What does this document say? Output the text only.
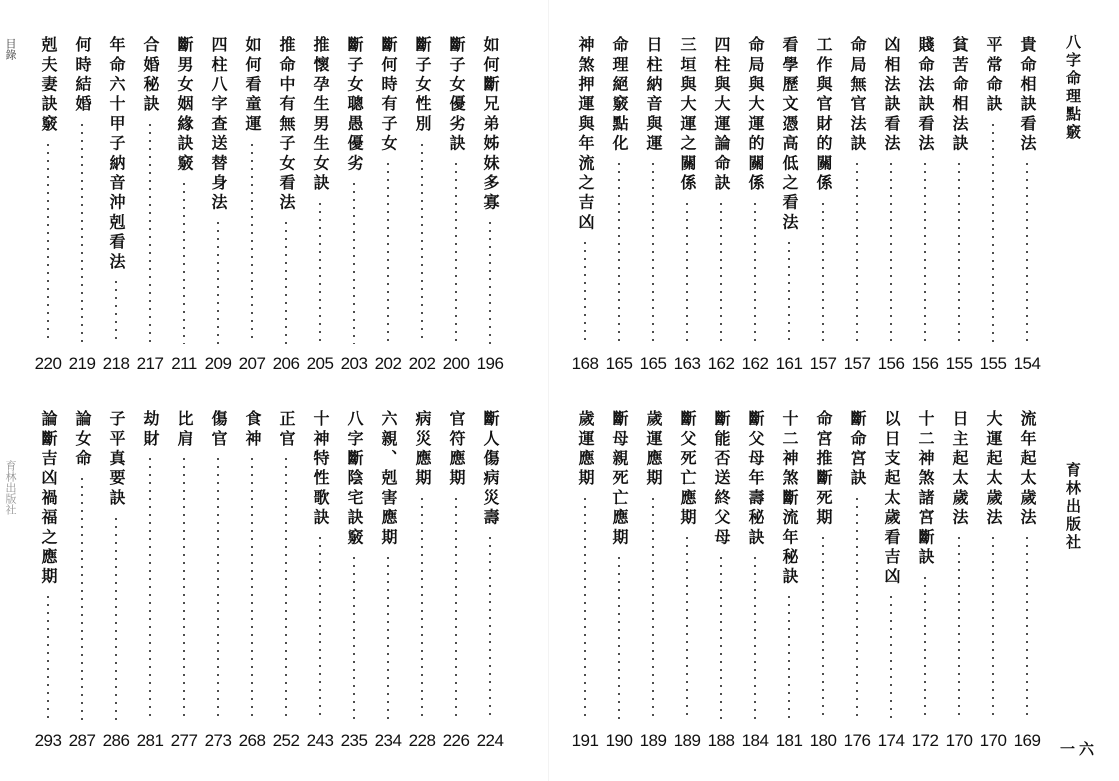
目錄
育林出版社
如何斷兄弟姊妹多寡
196
斷子女優劣訣
200
斷子女性別
202
斷何時有子女
202
斷子女聰愚優劣
203
推懷孕生男生女訣
205
推命中有無子女看法
206
如何看童運
207
四柱八字查送替身法
209
斷男女姻緣訣竅
211
合婚秘訣
217
年命六十甲子納音沖剋看法
218
何時結婚
219
剋夫妻訣竅
220
斷人傷病災壽
224
官符應期
226
病災應期
228
六親、剋害應期
234
八字斷陰宅訣竅
235
十神特性歌訣
243
正官
252
食神
268
傷官
273
比肩
277
劫財
281
子平真要訣
286
論女命
287
論斷吉凶禍福之應期
293
八字命理點竅
育林出版社
一六
貴命相訣看法
154
平常命訣
155
貧苦命相法訣
155
賤命法訣看法
156
凶相法訣看法
156
命局無官法訣
157
工作與官財的關係
157
看學歷文憑高低之看法
161
命局與大運的關係
162
四柱與大運論命訣
162
三垣與大運之關係
163
日柱納音與運
165
命理絕竅點化
165
神煞押運與年流之吉凶
168
流年起太歲法
169
大運起太歲法
170
日主起太歲法
170
十二神煞諸宮斷訣
172
以日支起太歲看吉凶
174
斷命宮訣
176
命宮推斷死期
180
十二神煞斷流年秘訣
181
斷父母年壽秘訣
184
斷能否送終父母
188
斷父死亡應期
189
歲運應期
189
斷母親死亡應期
190
歲運應期
191
